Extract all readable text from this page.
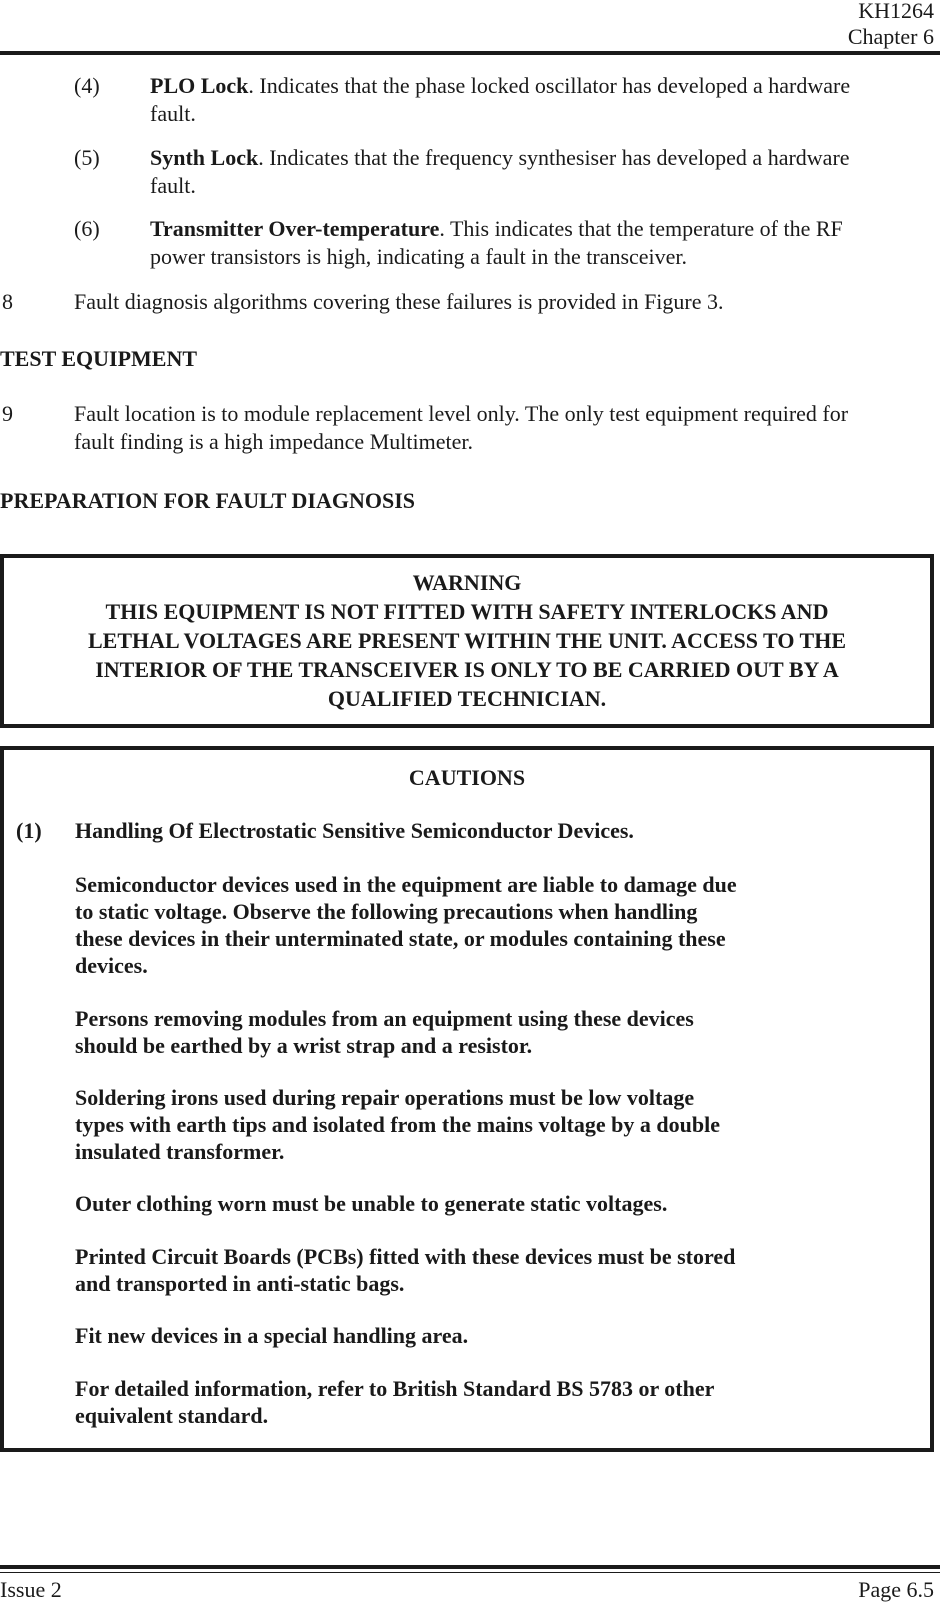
KH1264
Chapter 6
(4) PLO Lock. Indicates that the phase locked oscillator has developed a hardware
fault.
(5) Synth Lock. Indicates that the frequency synthesiser has developed a hardware
fault.
(6) Transmitter Over-temperature. This indicates that the temperature of the RF
power transistors is high, indicating a fault in the transceiver.
8	Fault diagnosis algorithms covering these failures is provided in Figure 3.
TEST EQUIPMENT
9	Fault location is to module replacement level only. The only test equipment required for
fault finding is a high impedance Multimeter.
PREPARATION FOR FAULT DIAGNOSIS
WARNING
THIS EQUIPMENT IS NOT FITTED WITH SAFETY INTERLOCKS AND
LETHAL VOLTAGES ARE PRESENT WITHIN THE UNIT. ACCESS TO THE
INTERIOR OF THE TRANSCEIVER IS ONLY TO BE CARRIED OUT BY A
QUALIFIED TECHNICIAN.
CAUTIONS
(1) Handling Of Electrostatic Sensitive Semiconductor Devices.
Semiconductor devices used in the equipment are liable to damage due
to static voltage. Observe the following precautions when handling
these devices in their unterminated state, or modules containing these
devices.
Persons removing modules from an equipment using these devices
should be earthed by a wrist strap and a resistor.
Soldering irons used during repair operations must be low voltage
types with earth tips and isolated from the mains voltage by a double
insulated transformer.
Outer clothing worn must be unable to generate static voltages.
Printed Circuit Boards (PCBs) fitted with these devices must be stored
and transported in anti-static bags.
Fit new devices in a special handling area.
For detailed information, refer to British Standard BS 5783 or other
equivalent standard.
Issue 2	Page 6.5
